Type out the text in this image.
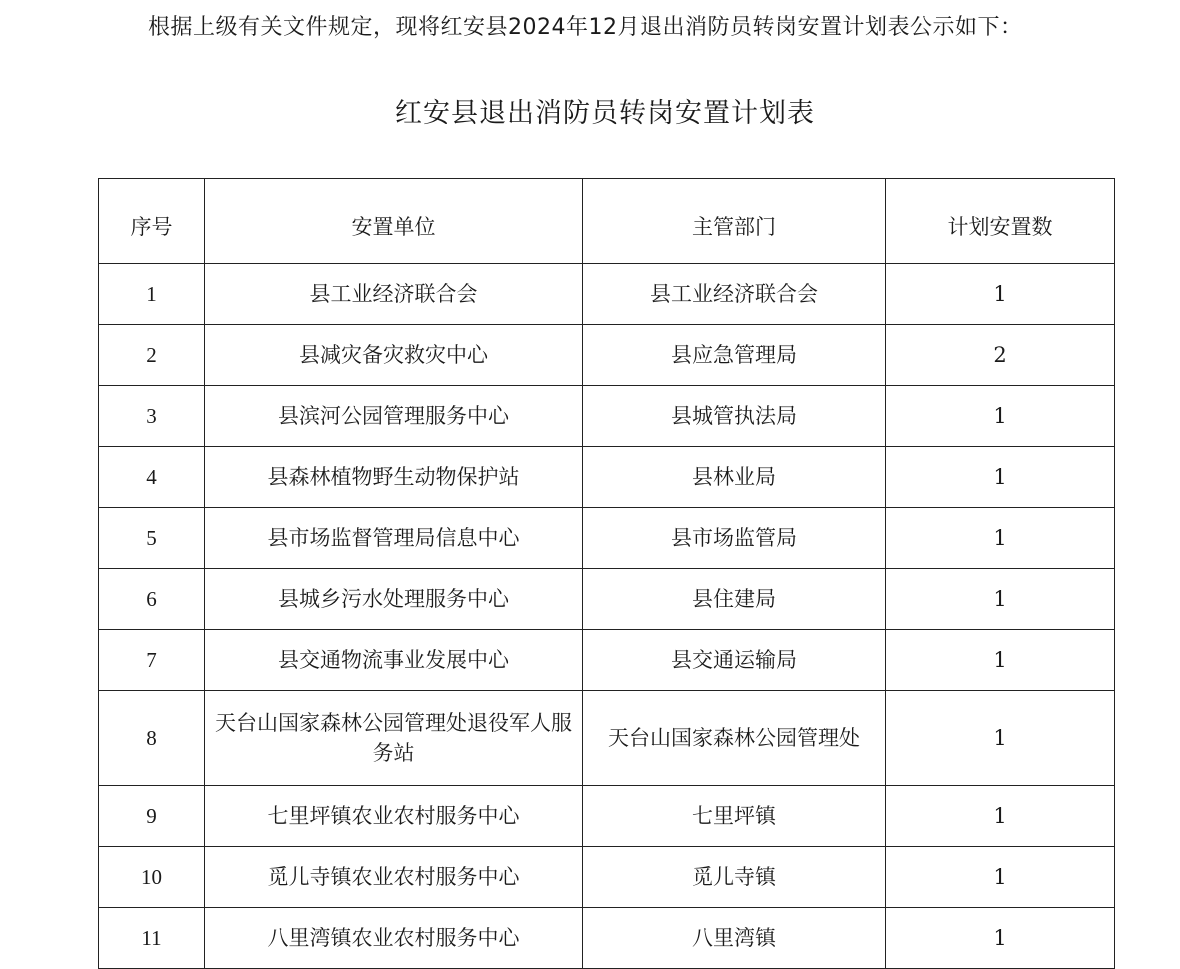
根据上级有关文件规定，现将红安县2024年12月退出消防员转岗安置计划表公示如下：
红安县退出消防员转岗安置计划表
序号	安置单位	主管部门	计划安置数
1	县工业经济联合会	县工业经济联合会	1
2	县减灾备灾救灾中心	县应急管理局	2
3	县滨河公园管理服务中心	县城管执法局	1
4	县森林植物野生动物保护站	县林业局	1
5	县市场监督管理局信息中心	县市场监管局	1
6	县城乡污水处理服务中心	县住建局	1
7	县交通物流事业发展中心	县交通运输局	1
8	天台山国家森林公园管理处退役军人服务站	天台山国家森林公园管理处	1
9	七里坪镇农业农村服务中心	七里坪镇	1
10	觅儿寺镇农业农村服务中心	觅儿寺镇	1
11	八里湾镇农业农村服务中心	八里湾镇	1
